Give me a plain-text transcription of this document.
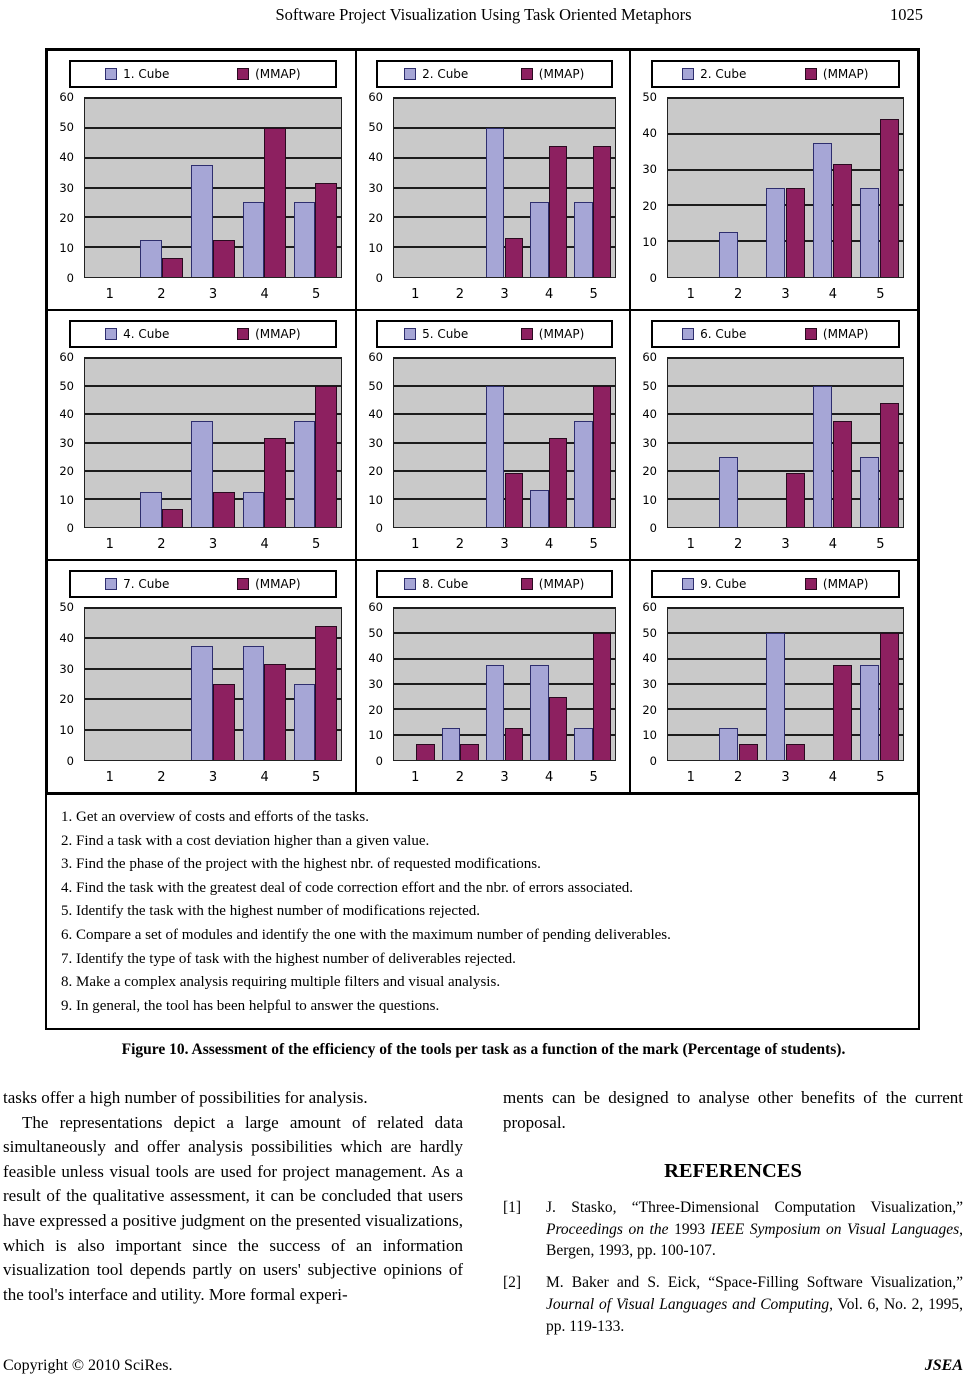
Software Project Visualization Using Task Oriented Metaphors	1025
1. Cube	(MMAP)
0
10
20
30
40
50
60
1	2	3	4	5
2. Cube	(MMAP)
0
10
20
30
40
50
60
1	2	3	4	5
2. Cube	(MMAP)
0
10
20
30
40
50
1	2	3	4	5
4. Cube	(MMAP)
0
10
20
30
40
50
60
1	2	3	4	5
5. Cube	(MMAP)
0
10
20
30
40
50
60
1	2	3	4	5
6. Cube	(MMAP)
0
10
20
30
40
50
60
1	2	3	4	5
7. Cube	(MMAP)
0
10
20
30
40
50
1	2	3	4	5
8. Cube	(MMAP)
0
10
20
30
40
50
60
1	2	3	4	5
9. Cube	(MMAP)
0
10
20
30
40
50
60
1	2	3	4	5
1. Get an overview of costs and efforts of the tasks.
2. Find a task with a cost deviation higher than a given value.
3. Find the phase of the project with the highest nbr. of requested modifications.
4. Find the task with the greatest deal of code correction effort and the nbr. of errors associated.
5. Identify the task with the highest number of modifications rejected.
6. Compare a set of modules and identify the one with the maximum number of pending deliverables.
7. Identify the type of task with the highest number of deliverables rejected.
8. Make a complex analysis requiring multiple filters and visual analysis.
9. In general, the tool has been helpful to answer the questions.
Figure 10. Assessment of the efficiency of the tools per task as a function of the mark (Percentage of students).

tasks offer a high number of possibilities for analysis.

The representations depict a large amount of related data simultaneously and offer analysis possibilities which are hardly feasible unless visual tools are used for project management. As a result of the qualitative assessment, it can be concluded that users have expressed a positive judgment on the presented visualizations, which is also important since the success of an information visualization tool depends partly on users' subjective opinions of the tool's interface and utility. More formal experi-

ments can be designed to analyse other benefits of the current proposal.

REFERENCES
[1]	J. Stasko, “Three-Dimensional Computation Visualization,” Proceedings on the 1993 IEEE Symposium on Visual Languages, Bergen, 1993, pp. 100-107.
[2]	M. Baker and S. Eick, “Space-Filling Software Visualization,” Journal of Visual Languages and Computing, Vol. 6, No. 2, 1995, pp. 119-133.
Copyright © 2010 SciRes.	JSEA
